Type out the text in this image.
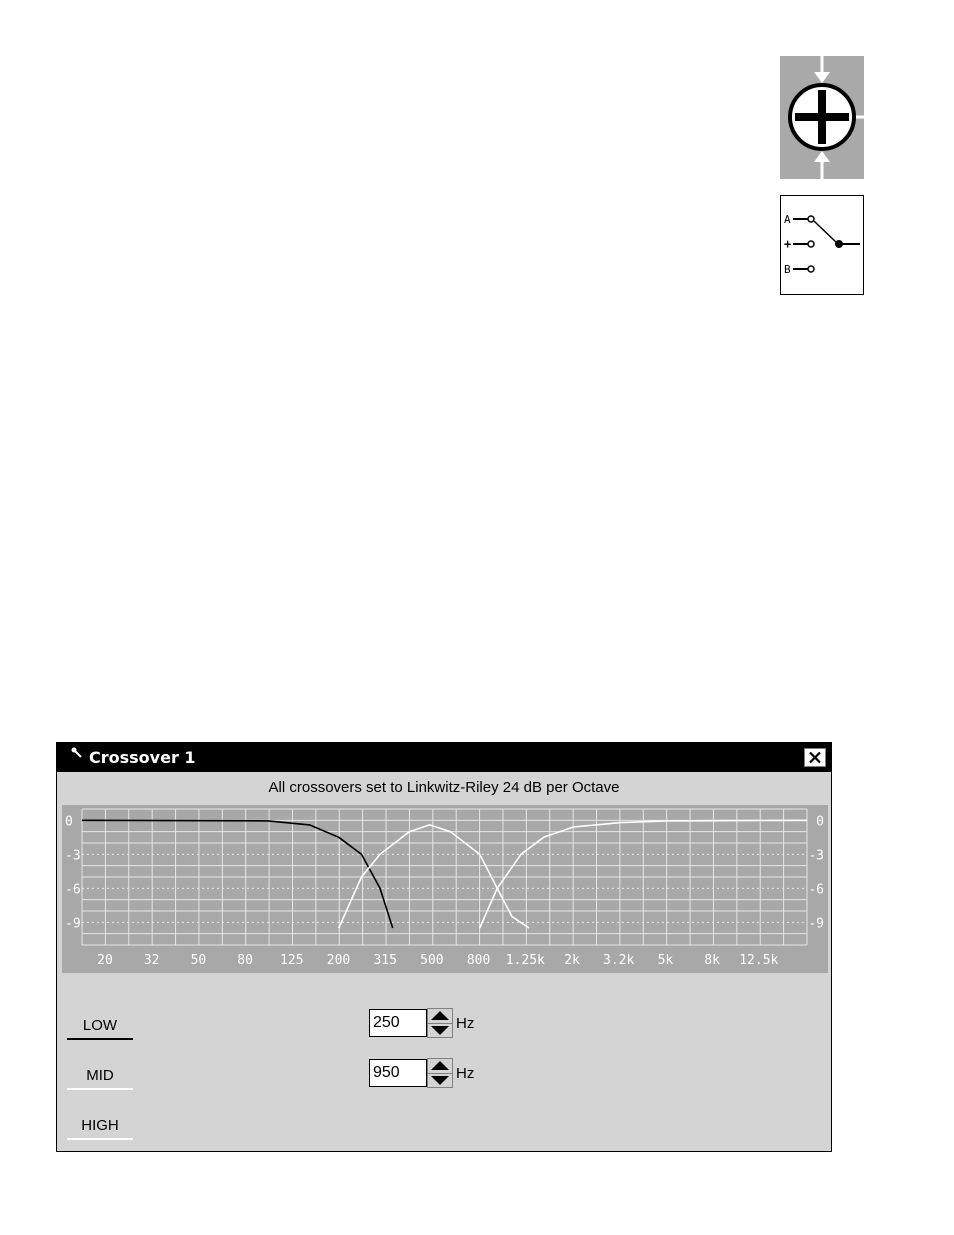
A
+
B
Crossover 1
All crossovers set to Linkwitz-Riley 24 dB per Octave
0	0
-3	-3
-6	-6
-9	-9
20 32 50 80 125 200 315 500 800 1.25k 2k 3.2k 5k 8k 12.5k
LOW
MID
HIGH
250
Hz
950
Hz
